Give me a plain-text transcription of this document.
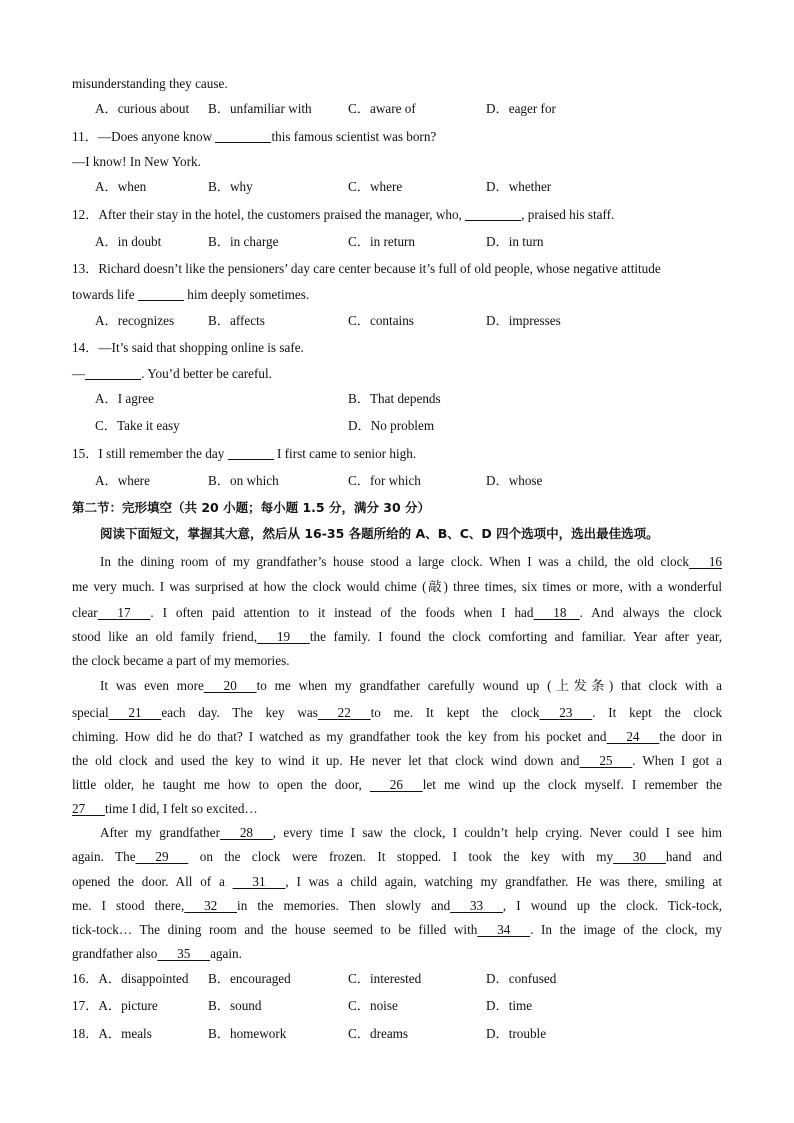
misunderstanding they cause.
A．curious about B．unfamiliar with	C．aware of	D．eager for
11．—Does anyone know	this famous scientist was born?
—I know! In New York.
A．when	B．why	C．where	D．whether
12．After their stay in the hotel, the customers praised the manager, who,	, praised his staff.
A．in doubt	B．in charge	C．in return	D．in turn
13．Richard doesn’t like the pensioners’ day care center because it’s full of old people, whose negative attitude
towards life	him deeply sometimes.
A．recognizes	B．affects	C．contains	D．impresses
14．—It’s said that shopping online is safe.
—	. You’d better be careful.
A．I agree	B．That depends
C．Take it easy	D．No problem
15．I still remember the day	I first came to senior high.
A．where	B．on which	C．for which	D．whose
第二节：完形填空（共 20 小题；每小题 1.5 分，满分 30 分）
阅读下面短文，掌握其大意，然后从 16-35 各题所给的 A、B、C、D 四个选项中，选出最佳选项。
In the dining room of my grandfather’s house stood a large clock. When I was a child, the old clock   16
me very much. I was surprised at how the clock would chime (敲) three times, six times or more, with a wonderful
clear   17   . I often paid attention to it instead of the foods when I had   18  . And always the clock
stood like an old family friend,   19   the family. I found the clock comforting and familiar. Year after year,
the clock became a part of my memories.
It was even more   20   to me when my grandfather carefully wound up (上发条) that clock with a
special   21   each day. The key was   22   to me. It kept the clock   23   . It kept the clock
chiming. How did he do that? I watched as my grandfather took the key from his pocket and   24   the door in
the old clock and used the key to wind it up. He never let that clock wind down and   25   . When I got a
little older, he taught me how to open the door,   26   let me wind up the clock myself. I remember the
27   time I did, I felt so excited…
After my grandfather   28   , every time I saw the clock, I couldn’t help crying. Never could I see him
again. The   29   on the clock were frozen. It stopped. I took the key with my   30   hand and
opened the door. All of a   31   , I was a child again, watching my grandfather. He was there, smiling at
me. I stood there,   32   in the memories. Then slowly and   33   , I wound up the clock. Tick-tock,
tick-tock… The dining room and the house seemed to be filled with   34   . In the image of the clock, my
grandfather also   35   again.
16．A．disappointed B．encouraged	C．interested	D．confused
17．A．picture	B．sound	C．noise	D．time
18．A．meals	B．homework	C．dreams	D．trouble
